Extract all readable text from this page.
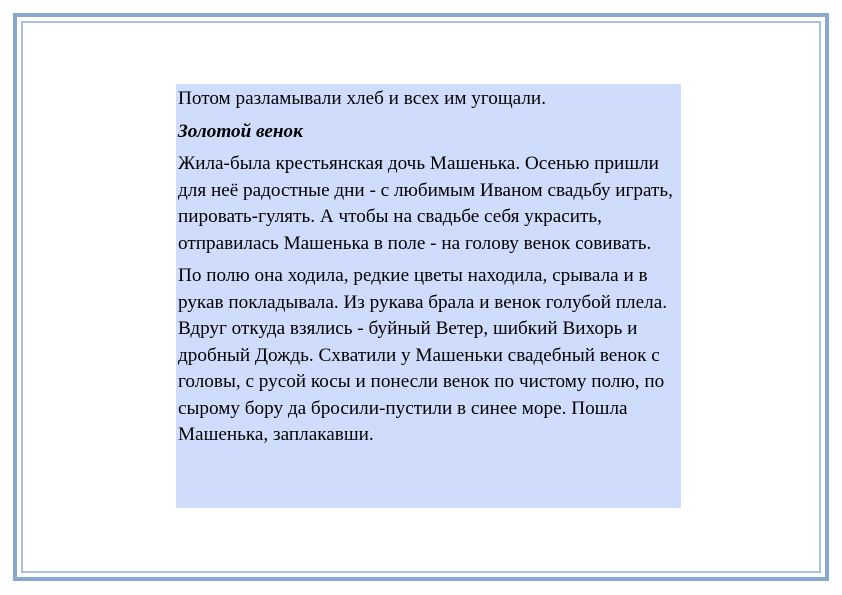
Потом разламывали хлеб и всех им угощали.

Золотой венок

Жила-была крестьянская дочь Машенька. Осенью пришли для неё радостные дни - с любимым Иваном свадьбу играть, пировать-гулять. А чтобы на свадьбе себя украсить, отправилась Машенька в поле - на голову венок совивать.

По полю она ходила, редкие цветы находила, срывала и в рукав покладывала. Из рукава брала и венок голубой плела. Вдруг откуда взялись - буйный Ветер, шибкий Вихорь и дробный Дождь. Схватили у Машеньки свадебный венок с головы, с русой косы и понесли венок по чистому полю, по сырому бору да бросили-пустили в синее море. Пошла Машенька, заплакавши.
